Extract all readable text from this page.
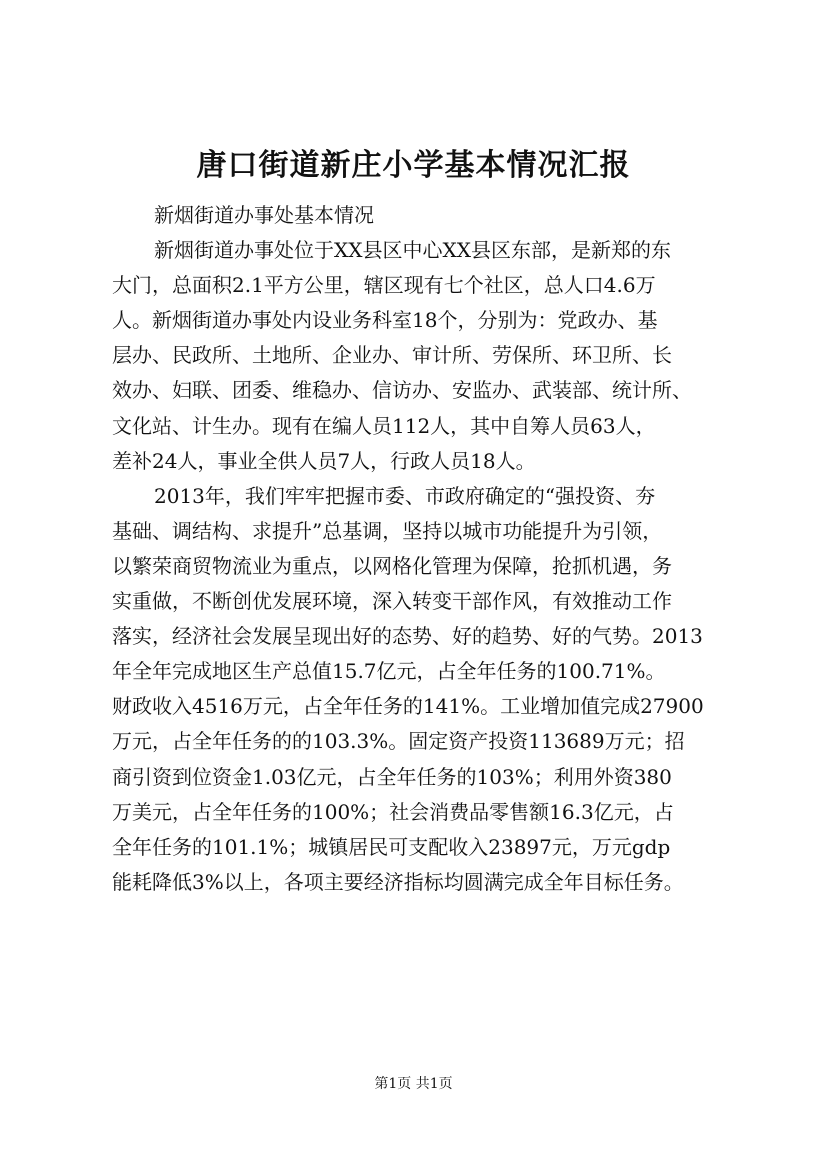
唐口街道新庄小学基本情况汇报
新烟街道办事处基本情况
新烟街道办事处位于XX县区中心XX县区东部，是新郑的东
大门，总面积2.1平方公里，辖区现有七个社区，总人口4.6万
人。新烟街道办事处内设业务科室18个，分别为：党政办、基
层办、民政所、土地所、企业办、审计所、劳保所、环卫所、长
效办、妇联、团委、维稳办、信访办、安监办、武装部、统计所、
文化站、计生办。现有在编人员112人，其中自筹人员63人，
差补24人，事业全供人员7人，行政人员18人。
2013年，我们牢牢把握市委、市政府确定的“强投资、夯
基础、调结构、求提升”总基调，坚持以城市功能提升为引领，
以繁荣商贸物流业为重点，以网格化管理为保障，抢抓机遇，务
实重做，不断创优发展环境，深入转变干部作风，有效推动工作
落实，经济社会发展呈现出好的态势、好的趋势、好的气势。2013
年全年完成地区生产总值15.7亿元，占全年任务的100.71%。
财政收入4516万元，占全年任务的141%。工业增加值完成27900
万元，占全年任务的的103.3%。固定资产投资113689万元；招
商引资到位资金1.03亿元，占全年任务的103%；利用外资380
万美元，占全年任务的100%；社会消费品零售额16.3亿元，占
全年任务的101.1%；城镇居民可支配收入23897元，万元gdp
能耗降低3%以上，各项主要经济指标均圆满完成全年目标任务。
第1页 共1页
